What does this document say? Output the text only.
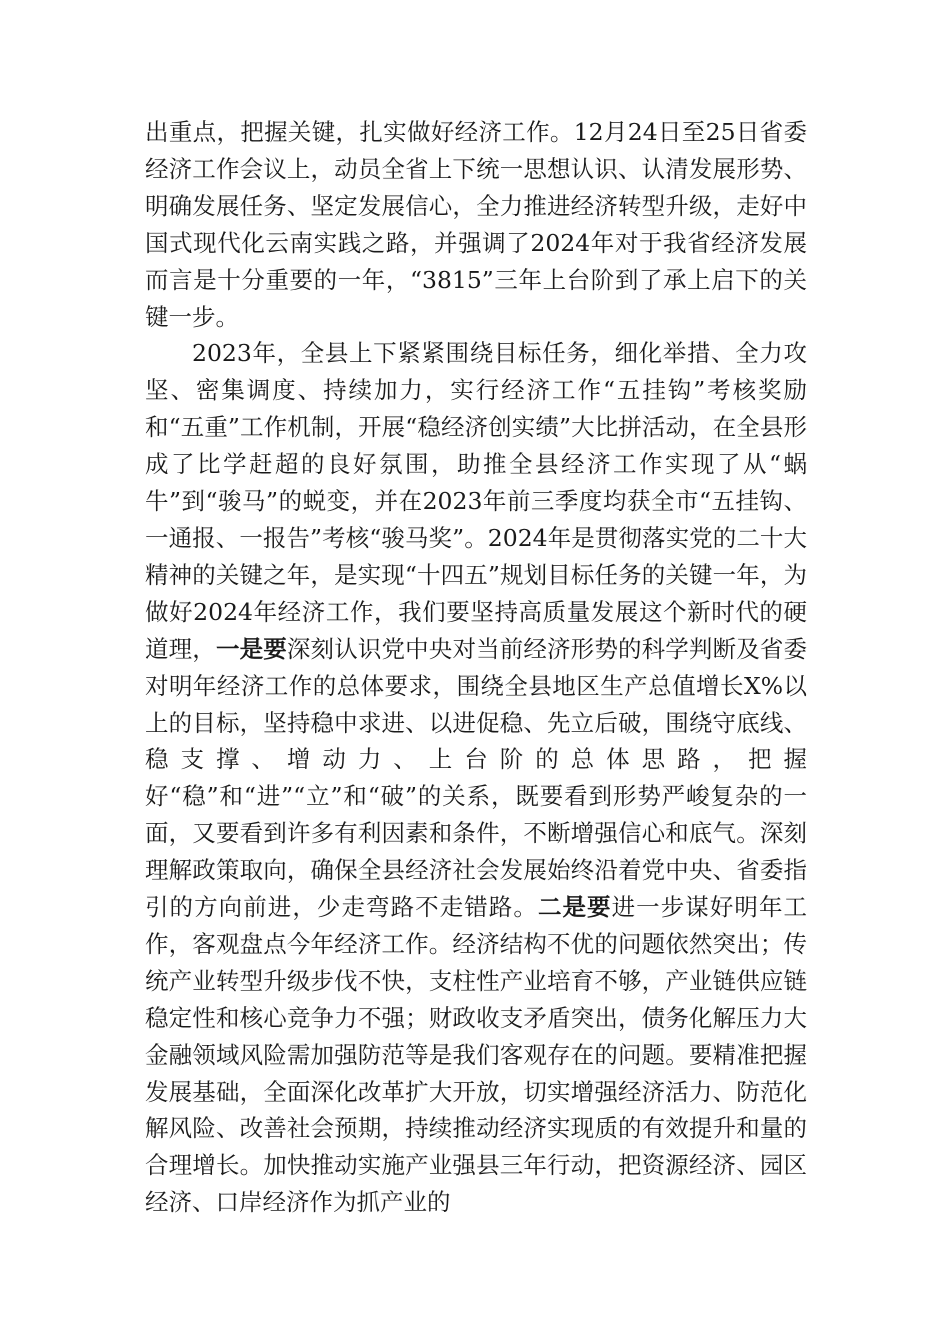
出重点，把握关键，扎实做好经济工作。12月24日至25日省委经济工作会议上，动员全省上下统一思想认识、认清发展形势、明确发展任务、坚定发展信心，全力推进经济转型升级，走好中国式现代化云南实践之路，并强调了2024年对于我省经济发展而言是十分重要的一年，“3815”三年上台阶到了承上启下的关键一步。

2023年，全县上下紧紧围绕目标任务，细化举措、全力攻坚、密集调度、持续加力，实行经济工作“五挂钩”考核奖励和“五重”工作机制，开展“稳经济创实绩”大比拼活动，在全县形成了比学赶超的良好氛围，助推全县经济工作实现了从“蜗牛”到“骏马”的蜕变，并在2023年前三季度均获全市“五挂钩、一通报、一报告”考核“骏马奖”。2024年是贯彻落实党的二十大精神的关键之年，是实现“十四五”规划目标任务的关键一年，为做好2024年经济工作，我们要坚持高质量发展这个新时代的硬道理，一是要深刻认识党中央对当前经济形势的科学判断及省委对明年经济工作的总体要求，围绕全县地区生产总值增长X%以上的目标，坚持稳中求进、以进促稳、先立后破，围绕守底线、稳支撑、增动力、上台阶的总体思路，把握好“稳”和“进”“立”和“破”的关系，既要看到形势严峻复杂的一面，又要看到许多有利因素和条件，不断增强信心和底气。深刻理解政策取向，确保全县经济社会发展始终沿着党中央、省委指引的方向前进，少走弯路不走错路。二是要进一步谋好明年工作，客观盘点今年经济工作。经济结构不优的问题依然突出；传统产业转型升级步伐不快，支柱性产业培育不够，产业链供应链稳定性和核心竞争力不强；财政收支矛盾突出，债务化解压力大金融领域风险需加强防范等是我们客观存在的问题。要精准把握发展基础，全面深化改革扩大开放，切实增强经济活力、防范化解风险、改善社会预期，持续推动经济实现质的有效提升和量的合理增长。加快推动实施产业强县三年行动，把资源经济、园区经济、口岸经济作为抓产业的
